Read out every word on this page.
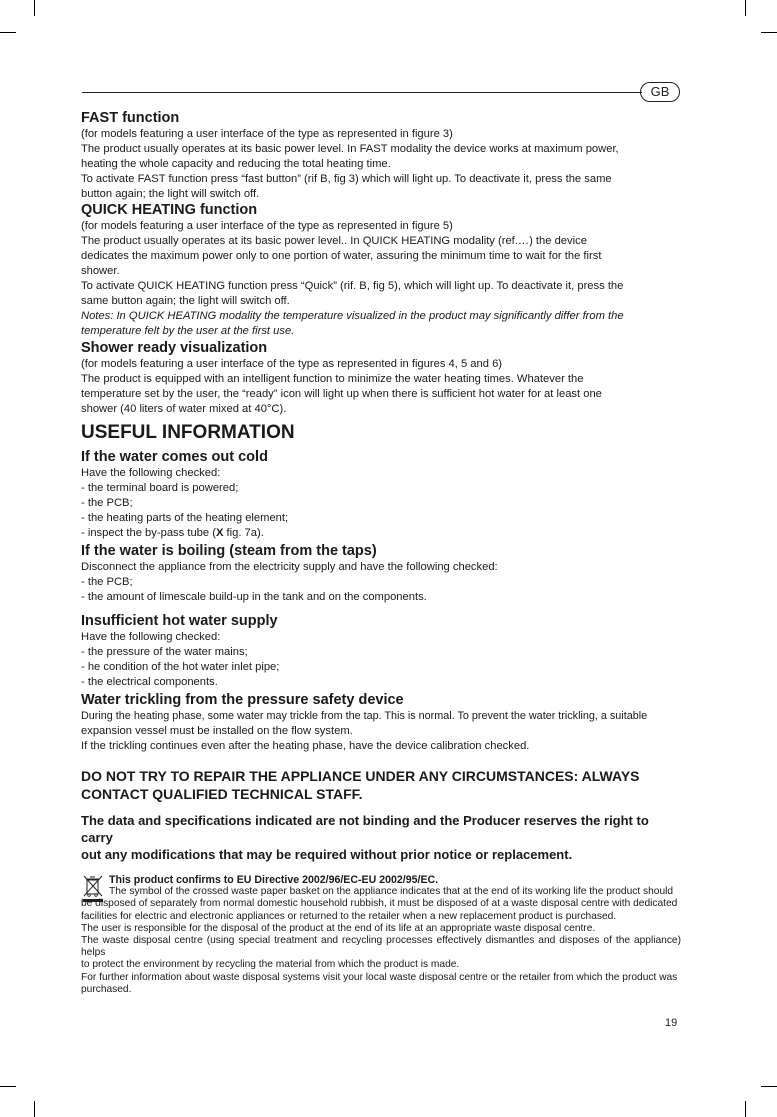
GB
FAST function

(for models featuring a user interface of the type as represented in figure 3)

The product usually operates at its basic power level. In FAST modality the device works at maximum power,

heating the whole capacity and reducing the total heating time.

To activate FAST function press “fast button” (rif B, fig 3) which will light up. To deactivate it, press the same

button again; the light will switch off.

QUICK HEATING function

(for models featuring a user interface of the type as represented in figure 5)

The product usually operates at its basic power level.. In QUICK HEATING modality (ref.…) the device

dedicates the maximum power only to one portion of water, assuring the minimum time to wait for the first

shower.

To activate QUICK HEATING function press “Quick” (rif. B, fig 5), which will light up. To deactivate it, press the

same button again; the light will switch off.

Notes: In QUICK HEATING modality the temperature visualized in the product may significantly differ from the

temperature felt by the user at the first use.

Shower ready visualization

(for models featuring a user interface of the type as represented in figures 4, 5 and 6)

The product is equipped with an intelligent function to minimize the water heating times. Whatever the

temperature set by the user, the “ready” icon will light up when there is sufficient hot water for at least one

shower (40 liters of water mixed at 40°C).

USEFUL INFORMATION
If the water comes out cold

Have the following checked:

- the terminal board is powered;

- the PCB;

- the heating parts of the heating element;

- inspect the by-pass tube (X fig. 7a).

If the water is boiling (steam from the taps)

Disconnect the appliance from the electricity supply and have the following checked:

- the PCB;

- the amount of limescale build-up in the tank and on the components.

Insufficient hot water supply

Have the following checked:

- the pressure of the water mains;

- he condition of the hot water inlet pipe;

- the electrical components.

Water trickling from the pressure safety device

During the heating phase, some water may trickle from the tap. This is normal. To prevent the water trickling, a suitable

expansion vessel must be installed on the flow system.

If the trickling continues even after the heating phase, have the device calibration checked.

DO NOT TRY TO REPAIR THE APPLIANCE UNDER ANY CIRCUMSTANCES: ALWAYS

CONTACT QUALIFIED TECHNICAL STAFF.

The data and specifications indicated are not binding and the Producer reserves the right to carry

out any modifications that may be required without prior notice or replacement.

This product confirms to EU Directive 2002/96/EC-EU 2002/95/EC.
The symbol of the crossed waste paper basket on the appliance indicates that at the end of its working life the product should
be disposed of separately from normal domestic household rubbish, it must be disposed of at a waste disposal centre with dedicated
facilities for electric and electronic appliances or returned to the retailer when a new replacement product is purchased.
The user is responsible for the disposal of the product at the end of its life at an appropriate waste disposal centre.
The waste disposal centre (using special treatment and recycling processes effectively dismantles and disposes of the appliance) helps
to protect the environment by recycling the material from which the product is made.
For further information about waste disposal systems visit your local waste disposal centre or the retailer from which the product was
purchased.
19
